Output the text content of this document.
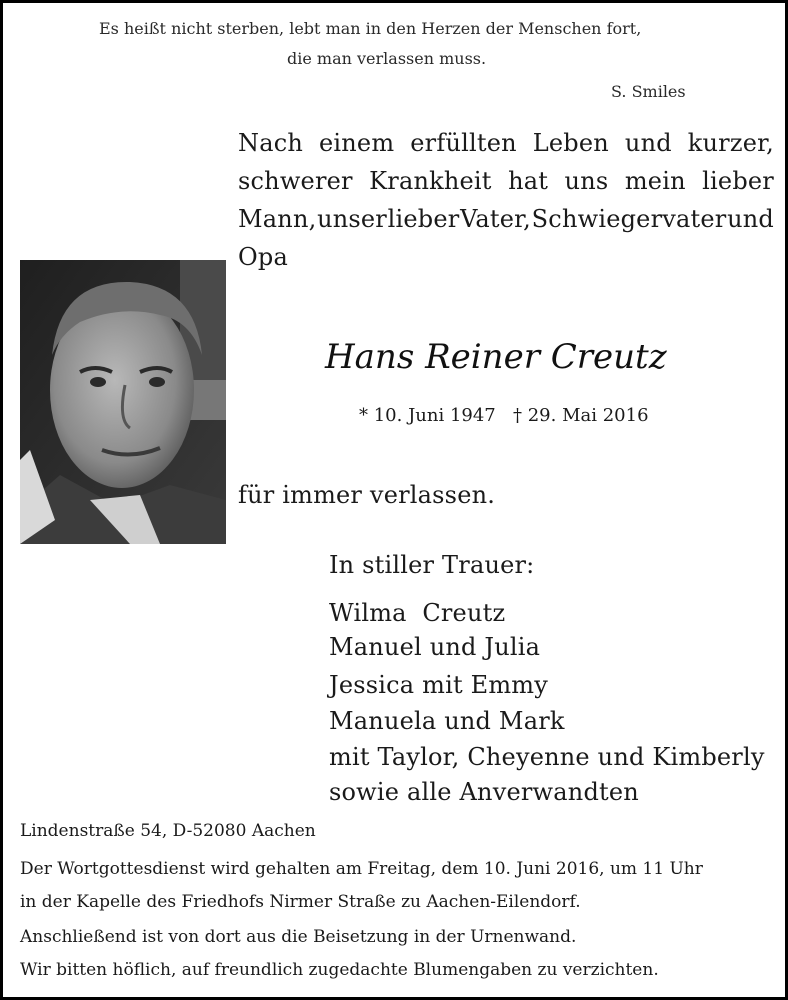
Es heißt nicht sterben, lebt man in den Herzen der Menschen fort,

die man verlassen muss.

S. Smiles

Nach einem erfüllten Leben und kurzer,
schwerer Krankheit hat uns mein lieber
Mann, unser lieber Vater, Schwiegervater und

Opa

Hans Reiner Creutz

* 10. Juni 1947 † 29. Mai 2016

für immer verlassen.

In stiller Trauer:

Wilma  Creutz

Manuel und Julia

Jessica mit Emmy

Manuela und Mark

mit Taylor, Cheyenne und Kimberly

sowie alle Anverwandten

Lindenstraße 54, D-52080 Aachen

Der Wortgottesdienst wird gehalten am Freitag, dem 10. Juni 2016, um 11 Uhr

in der Kapelle des Friedhofs Nirmer Straße zu Aachen-Eilendorf.

Anschließend ist von dort aus die Beisetzung in der Urnenwand.

Wir bitten höflich, auf freundlich zugedachte Blumengaben zu verzichten.
